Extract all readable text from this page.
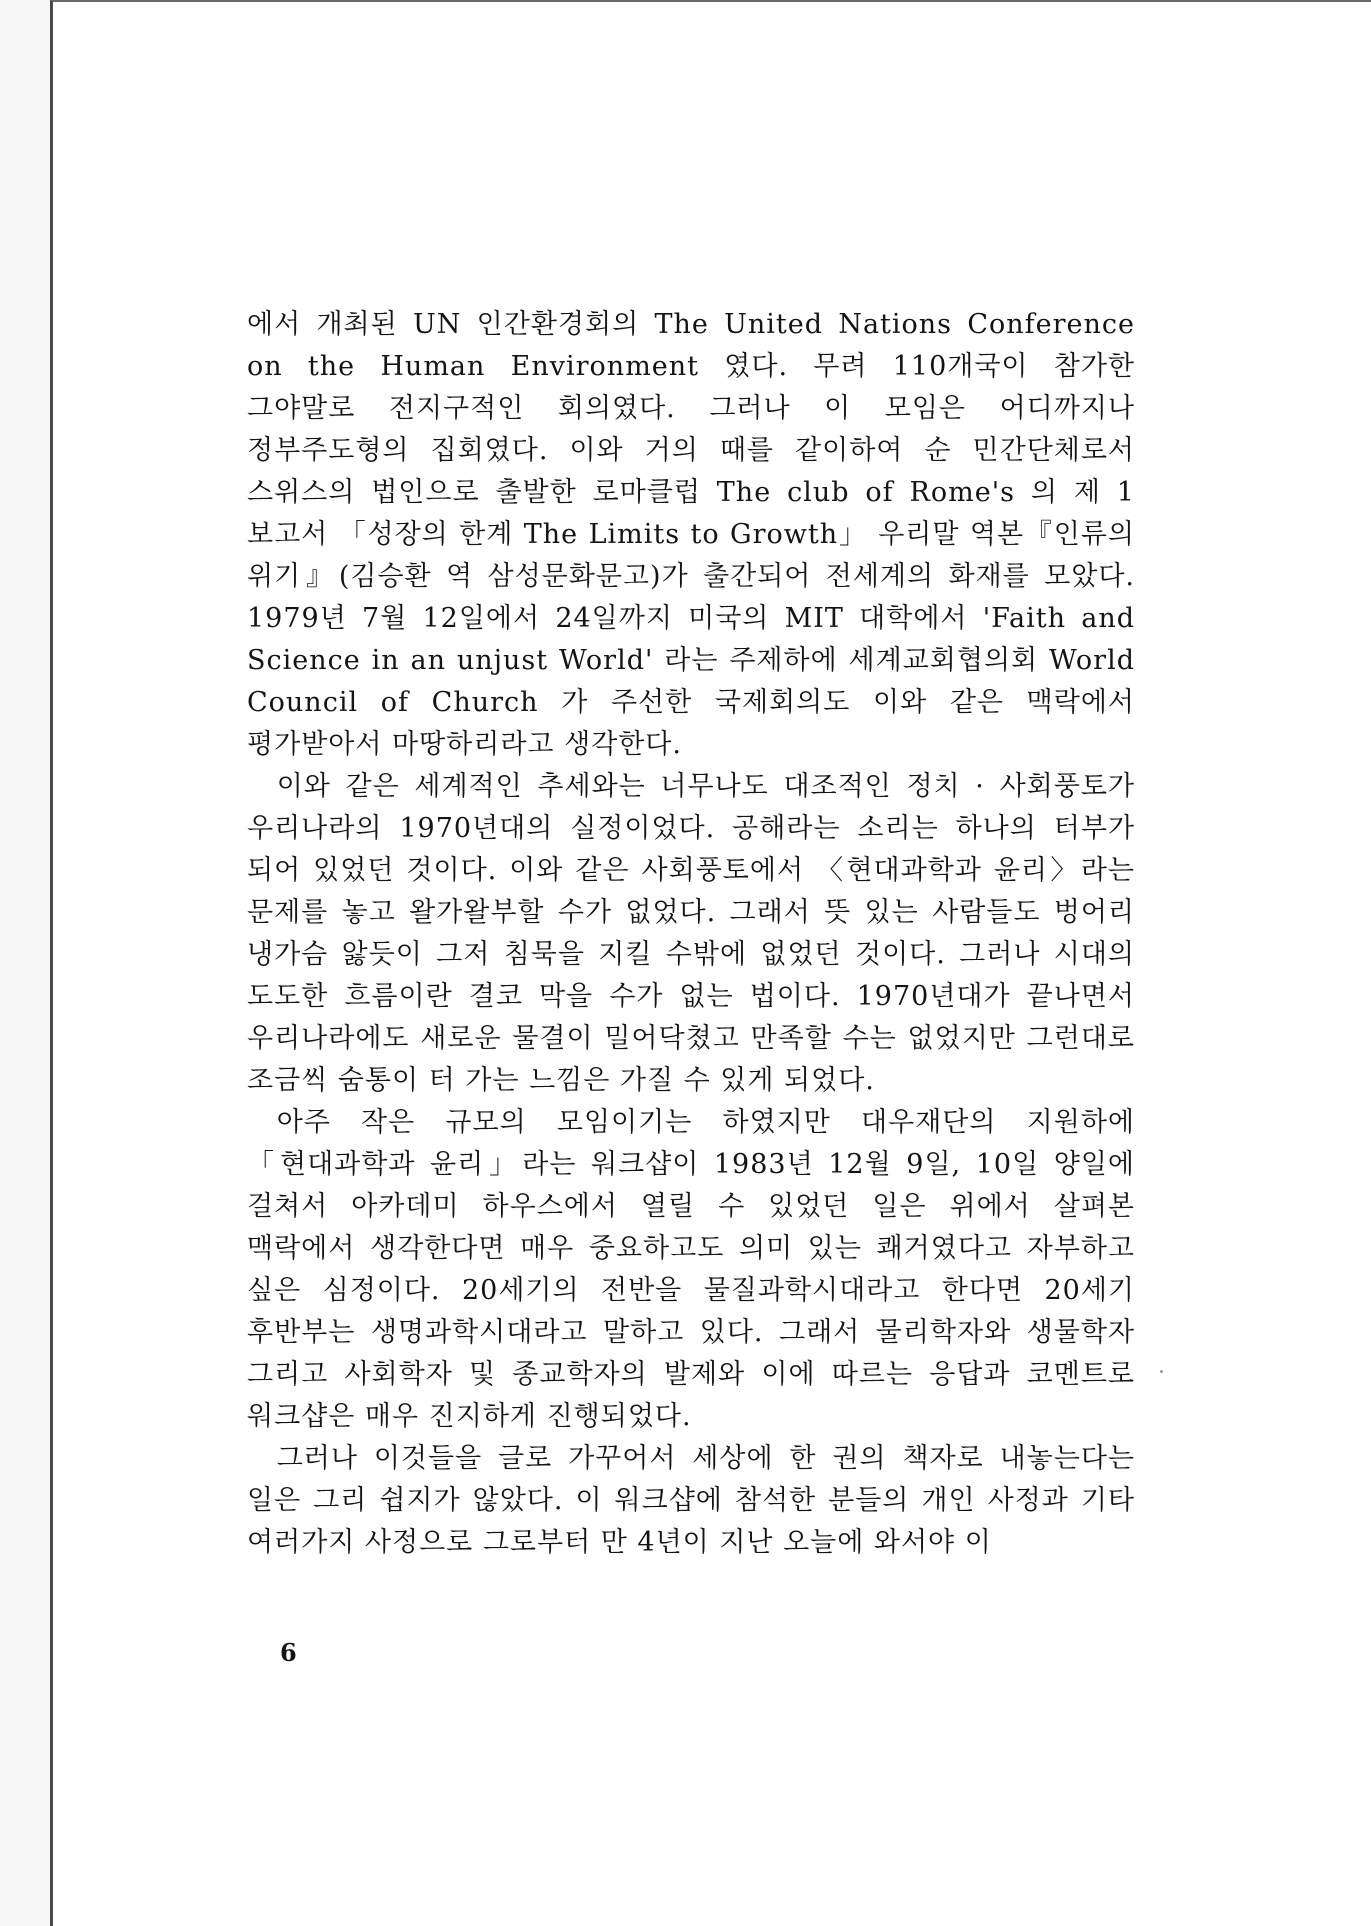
에서 개최된 UN 인간환경회의 The United Nations Conference on the Human Environment 였다. 무려 110개국이 참가한 그야말로 전지구적인 회의였다. 그러나 이 모임은 어디까지나 정부주도형의 집회였다. 이와 거의 때를 같이하여 순 민간단체로서 스위스의 법인으로 출발한 로마클럽 The club of Rome's 의 제 1 보고서 「성장의 한계 The Limits to Growth」 우리말 역본『인류의 위기』(김승환 역 삼성문화문고)가 출간되어 전세계의 화재를 모았다. 1979년 7월 12일에서 24일까지 미국의 MIT 대학에서 'Faith and Science in an unjust World' 라는 주제하에 세계교회협의회 World Council of Church 가 주선한 국제회의도 이와 같은 맥락에서 평가받아서 마땅하리라고 생각한다.

이와 같은 세계적인 추세와는 너무나도 대조적인 정치 · 사회풍토가 우리나라의 1970년대의 실정이었다. 공해라는 소리는 하나의 터부가 되어 있었던 것이다. 이와 같은 사회풍토에서 〈현대과학과 윤리〉라는 문제를 놓고 왈가왈부할 수가 없었다. 그래서 뜻 있는 사람들도 벙어리 냉가슴 앓듯이 그저 침묵을 지킬 수밖에 없었던 것이다. 그러나 시대의 도도한 흐름이란 결코 막을 수가 없는 법이다. 1970년대가 끝나면서 우리나라에도 새로운 물결이 밀어닥쳤고 만족할 수는 없었지만 그런대로 조금씩 숨통이 터 가는 느낌은 가질 수 있게 되었다.

아주 작은 규모의 모임이기는 하였지만 대우재단의 지원하에 「현대과학과 윤리」라는 워크샵이 1983년 12월 9일, 10일 양일에 걸쳐서 아카데미 하우스에서 열릴 수 있었던 일은 위에서 살펴본 맥락에서 생각한다면 매우 중요하고도 의미 있는 쾌거였다고 자부하고 싶은 심정이다. 20세기의 전반을 물질과학시대라고 한다면 20세기 후반부는 생명과학시대라고 말하고 있다. 그래서 물리학자와 생물학자 그리고 사회학자 및 종교학자의 발제와 이에 따르는 응답과 코멘트로 워크샵은 매우 진지하게 진행되었다.

그러나 이것들을 글로 가꾸어서 세상에 한 권의 책자로 내놓는다는 일은 그리 쉽지가 않았다. 이 워크샵에 참석한 분들의 개인 사정과 기타 여러가지 사정으로 그로부터 만 4년이 지난 오늘에 와서야 이

6
